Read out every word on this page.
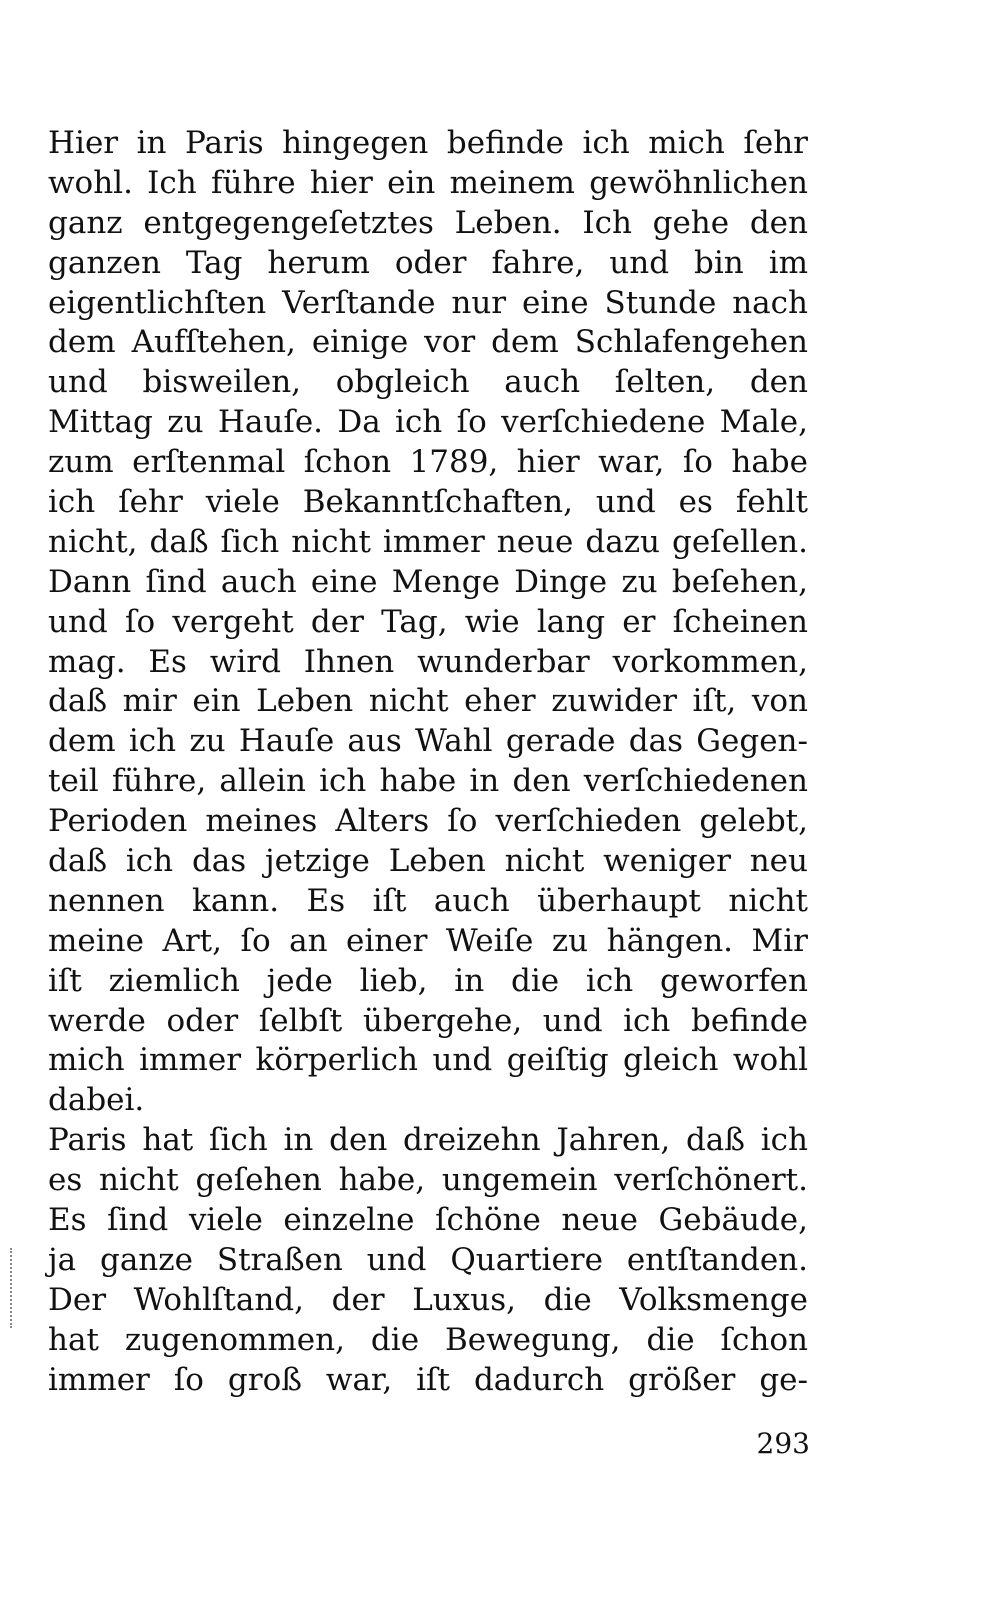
Hier in Paris hingegen befinde ich mich ſehr
wohl. Ich führe hier ein meinem gewöhnlichen
ganz entgegengeſetztes Leben. Ich gehe den
ganzen Tag herum oder fahre, und bin im
eigentlichſten Verſtande nur eine Stunde nach
dem Aufſtehen, einige vor dem Schlafengehen
und bisweilen, obgleich auch ſelten, den
Mittag zu Hauſe. Da ich ſo verſchiedene Male,
zum erſtenmal ſchon 1789, hier war, ſo habe
ich ſehr viele Bekanntſchaften, und es fehlt
nicht, daß ſich nicht immer neue dazu geſellen.
Dann ſind auch eine Menge Dinge zu beſehen,
und ſo vergeht der Tag, wie lang er ſcheinen
mag. Es wird Ihnen wunderbar vorkommen,
daß mir ein Leben nicht eher zuwider iſt, von
dem ich zu Hauſe aus Wahl gerade das Gegen-
teil führe, allein ich habe in den verſchiedenen
Perioden meines Alters ſo verſchieden gelebt,
daß ich das jetzige Leben nicht weniger neu
nennen kann. Es iſt auch überhaupt nicht
meine Art, ſo an einer Weiſe zu hängen. Mir
iſt ziemlich jede lieb, in die ich geworfen
werde oder ſelbſt übergehe, und ich befinde
mich immer körperlich und geiſtig gleich wohl
dabei.
Paris hat ſich in den dreizehn Jahren, daß ich
es nicht geſehen habe, ungemein verſchönert.
Es ſind viele einzelne ſchöne neue Gebäude,
ja ganze Straßen und Quartiere entſtanden.
Der Wohlſtand, der Luxus, die Volksmenge
hat zugenommen, die Bewegung, die ſchon
immer ſo groß war, iſt dadurch größer ge-
293
